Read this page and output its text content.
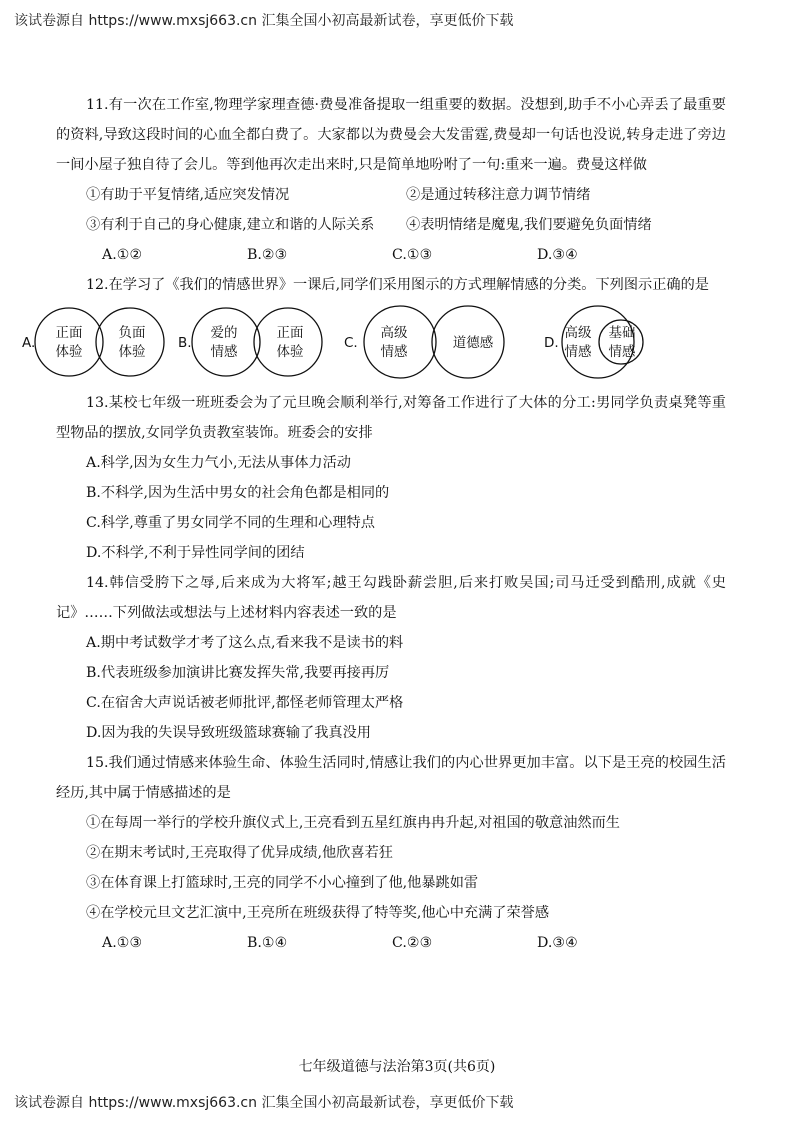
该试卷源自 https://www.mxsj663.cn 汇集全国小初高最新试卷，享更低价下载

11.有一次在工作室,物理学家理查德·费曼准备提取一组重要的数据。没想到,助手不小心弄丢了最重要的资料,导致这段时间的心血全都白费了。大家都以为费曼会大发雷霆,费曼却一句话也没说,转身走进了旁边一间小屋子独自待了会儿。等到他再次走出来时,只是简单地吩咐了一句:重来一遍。费曼这样做

①有助于平复情绪,适应突发情况	②是通过转移注意力调节情绪
③有利于自己的身心健康,建立和谐的人际关系	④表明情绪是魔鬼,我们要避免负面情绪
A.①②	B.②③	C.①③	D.③④

12.在学习了《我们的情感世界》一课后,同学们采用图示的方式理解情感的分类。下列图示正确的是

A.
正面
体验
负面
体验
B.
爱的
情感
正面
体验
C.
高级
情感
道德感	D.
高级
情感
基础
情感

13.某校七年级一班班委会为了元旦晚会顺利举行,对筹备工作进行了大体的分工:男同学负责桌凳等重型物品的摆放,女同学负责教室装饰。班委会的安排

A.科学,因为女生力气小,无法从事体力活动

B.不科学,因为生活中男女的社会角色都是相同的

C.科学,尊重了男女同学不同的生理和心理特点

D.不科学,不利于异性同学间的团结

14.韩信受胯下之辱,后来成为大将军;越王勾践卧薪尝胆,后来打败吴国;司马迁受到酷刑,成就《史记》……下列做法或想法与上述材料内容表述一致的是

A.期中考试数学才考了这么点,看来我不是读书的料

B.代表班级参加演讲比赛发挥失常,我要再接再厉

C.在宿舍大声说话被老师批评,都怪老师管理太严格

D.因为我的失误导致班级篮球赛输了我真没用

15.我们通过情感来体验生命、体验生活同时,情感让我们的内心世界更加丰富。以下是王亮的校园生活经历,其中属于情感描述的是

①在每周一举行的学校升旗仪式上,王亮看到五星红旗冉冉升起,对祖国的敬意油然而生

②在期末考试时,王亮取得了优异成绩,他欣喜若狂

③在体育课上打篮球时,王亮的同学不小心撞到了他,他暴跳如雷

④在学校元旦文艺汇演中,王亮所在班级获得了特等奖,他心中充满了荣誉感

A.①③	B.①④	C.②③	D.③④
七年级道德与法治第3页(共6页)
该试卷源自 https://www.mxsj663.cn 汇集全国小初高最新试卷，享更低价下载
